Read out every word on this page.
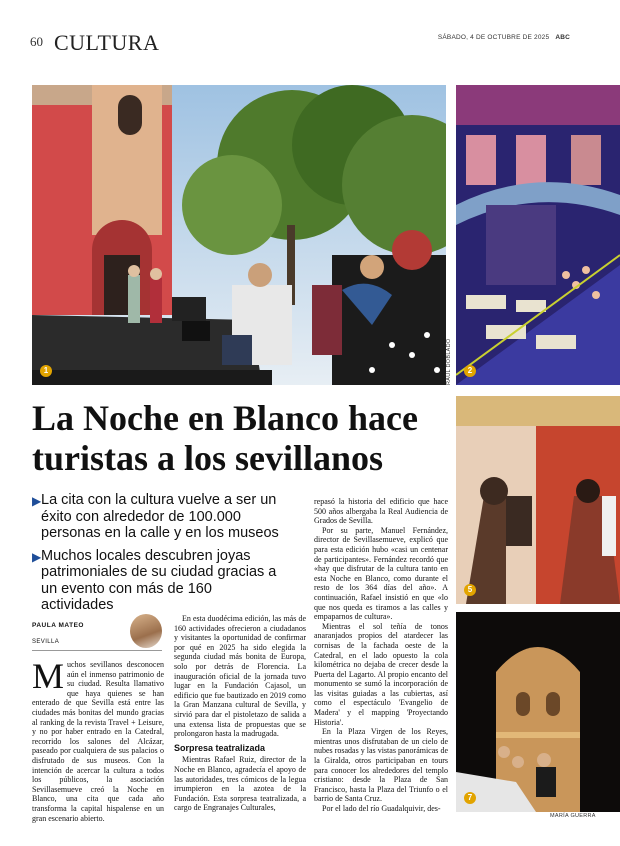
60 CULTURA	SÁBADO, 4 DE OCTUBRE DE 2025 ABC
1	RAÚL DOBLADO	2
5
7
MARÍA GUERRA
La Noche en Blanco hace
turistas a los sevillanos
▶ La cita con la cultura vuelve a ser un éxito con alrededor de 100.000 personas en la calle y en los museos
▶ Muchos locales descubren joyas patrimoniales de su ciudad gracias a un evento con más de 160 actividades
PAULA MATEO
SEVILLA

Muchos sevillanos desconocen aún el inmenso patrimonio de su ciudad. Resulta llamativo que haya quienes se han enterado de que Sevilla está entre las ciudades más bonitas del mundo gracias al ranking de la revista Travel + Leisure, y no por haber entrado en la Catedral, recorrido los salones del Alcázar, paseado por cualquiera de sus palacios o disfrutado de sus museos. Con la intención de acercar la cultura a todos los públicos, la asociación Sevillasemueve creó la Noche en Blanco, una cita que cada año transforma la capital hispalense en un gran escenario abierto.

En esta duodécima edición, las más de 160 actividades ofrecieron a ciudadanos y visitantes la oportunidad de confirmar por qué en 2025 ha sido elegida la segunda ciudad más bonita de Europa, solo por detrás de Florencia. La inauguración oficial de la jornada tuvo lugar en la Fundación Cajasol, un edificio que fue bautizado en 2019 como la Gran Manzana cultural de Sevilla, y sirvió para dar el pistoletazo de salida a una extensa lista de propuestas que se prolongaron hasta la madrugada.

Sorpresa teatralizada

Mientras Rafael Ruiz, director de la Noche en Blanco, agradecía el apoyo de las autoridades, tres cómicos de la legua irrumpieron en la azotea de la Fundación. Esta sorpresa teatralizada, a cargo de Engranajes Culturales,

repasó la historia del edificio que hace 500 años albergaba la Real Audiencia de Grados de Sevilla.

Por su parte, Manuel Fernández, director de Sevillasemueve, explicó que para esta edición hubo «casi un centenar de participantes». Fernández recordó que «hay que disfrutar de la cultura tanto en esta Noche en Blanco, como durante el resto de los 364 días del año». A continuación, Rafael insistió en que «lo que nos queda es tiramos a las calles y empaparnos de cultura».

Mientras el sol teñía de tonos anaranjados propios del atardecer las cornisas de la fachada oeste de la Catedral, en el lado opuesto la cola kilométrica no dejaba de crecer desde la Puerta del Lagarto. Al propio encanto del monumento se sumó la incorporación de las visitas guiadas a las cubiertas, así como el espectáculo 'Evangelio de Madera' y el mapping 'Proyectando Historia'.

En la Plaza Virgen de los Reyes, mientras unos disfrutaban de un cielo de nubes rosadas y las vistas panorámicas de la Giralda, otros participaban en tours para conocer los alrededores del templo cristiano: desde la Plaza de San Francisco, hasta la Plaza del Triunfo o el barrio de Santa Cruz.

Por el lado del río Guadalquivir, des-
